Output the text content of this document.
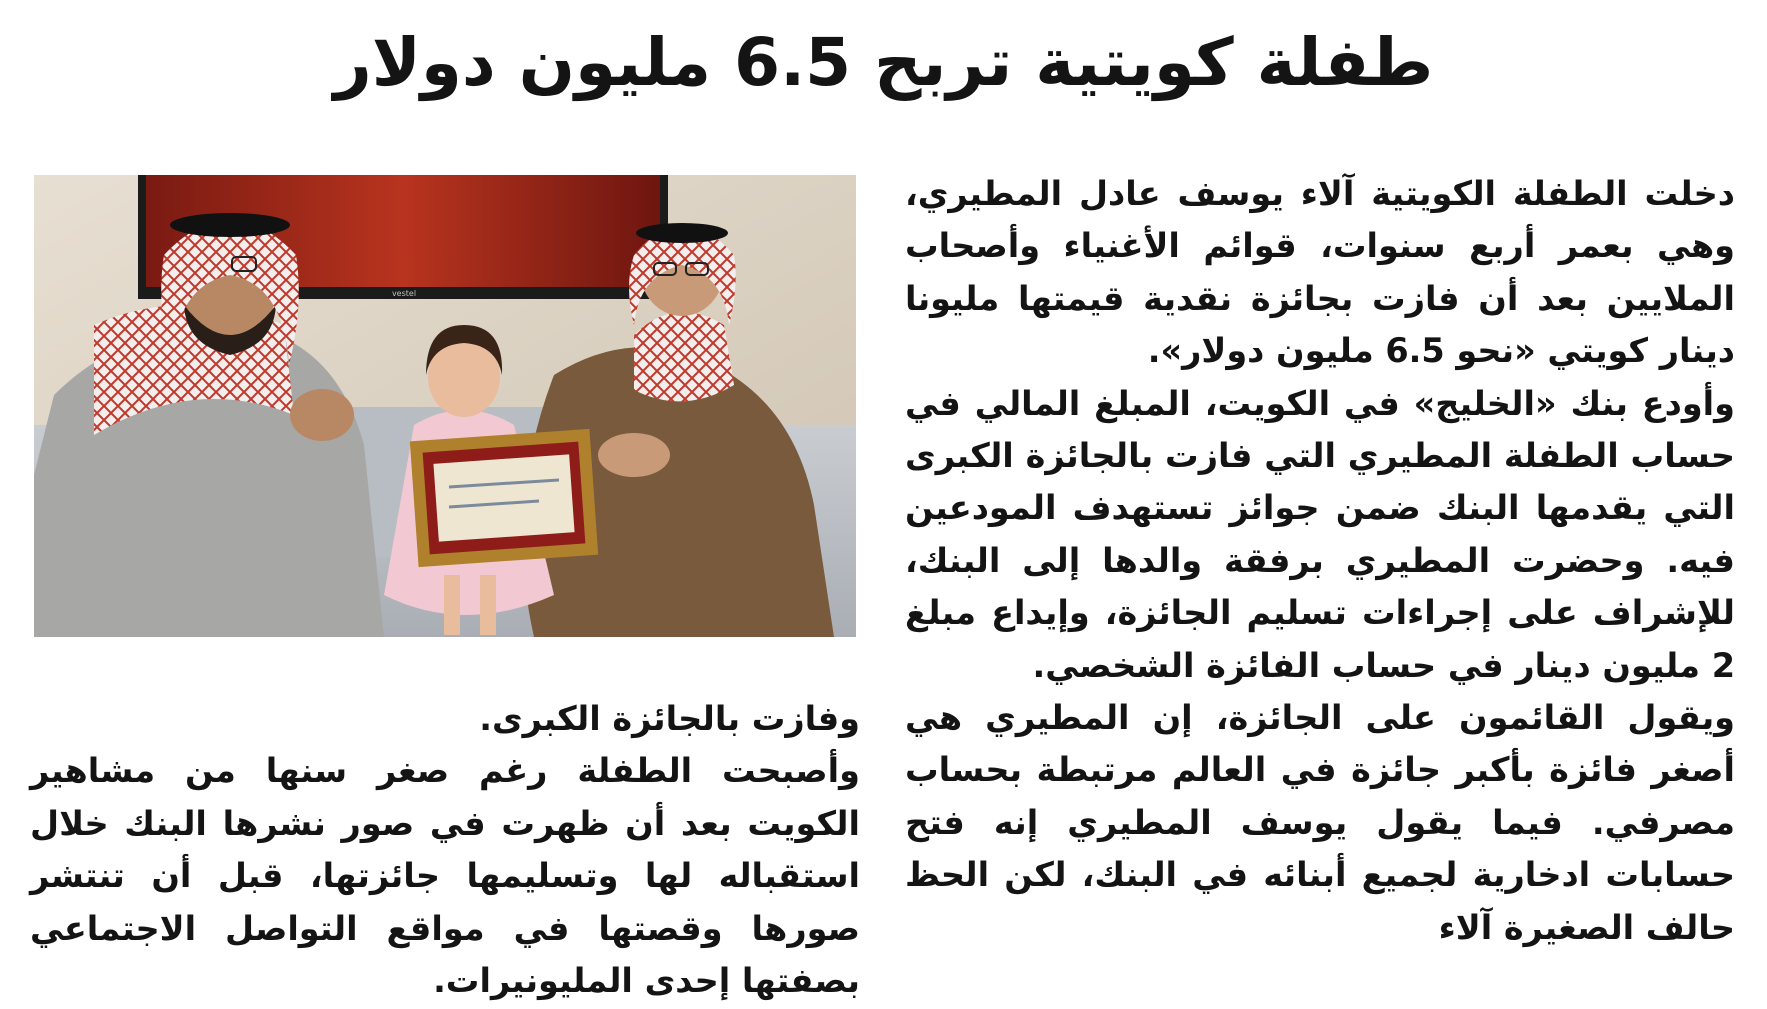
طفلة كويتية تربح 6.5 مليون دولار
vestel

دخلت الطفلة الكويتية آلاء يوسف عادل المطيري، وهي بعمر أربع سنوات، قوائم الأغنياء وأصحاب الملايين بعد أن فازت بجائزة نقدية قيمتها مليونا دينار كويتي «نحو 6.5 مليون دولار».

وأودع بنك «الخليج» في الكويت، المبلغ المالي في حساب الطفلة المطيري التي فازت بالجائزة الكبرى التي يقدمها البنك ضمن جوائز تستهدف المودعين فيه. وحضرت المطيري برفقة والدها إلى البنك، للإشراف على إجراءات تسليم الجائزة، وإيداع مبلغ 2 مليون دينار في حساب الفائزة الشخصي.

ويقول القائمون على الجائزة، إن المطيري هي أصغر فائزة بأكبر جائزة في العالم مرتبطة بحساب مصرفي. فيما يقول يوسف المطيري إنه فتح حسابات ادخارية لجميع أبنائه في البنك، لكن الحظ حالف الصغيرة آلاء

وفازت بالجائزة الكبرى.

وأصبحت الطفلة رغم صغر سنها من مشاهير الكويت بعد أن ظهرت في صور نشرها البنك خلال استقباله لها وتسليمها جائزتها، قبل أن تنتشر صورها وقصتها في مواقع التواصل الاجتماعي بصفتها إحدى المليونيرات.
